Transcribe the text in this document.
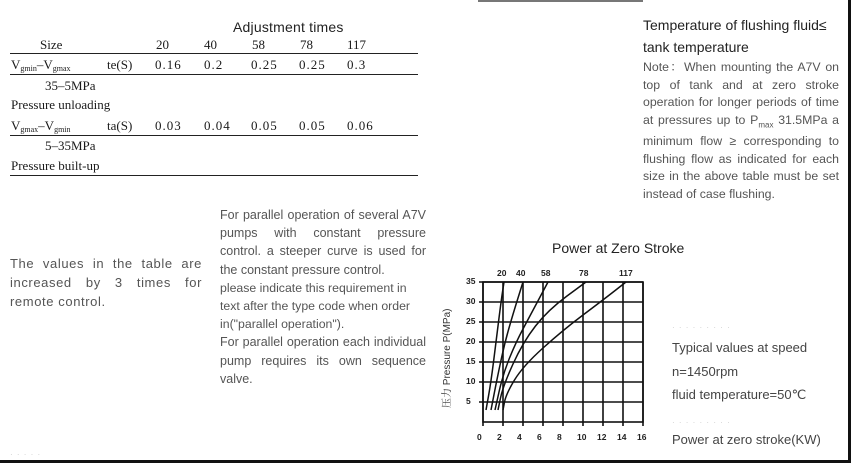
Adjustment times
Size	20	40	58	78	117
$V_{gmin}-V_{gmax}$	te(S) 0.16 0.2 0.25 0.25 0.3
35–5MPa
Pressure unloading
$V_{gmax}-V_{gmin}$	ta(S) 0.03 0.04 0.05 0.05 0.06
5–35MPa
Pressure built-up
The values in the table are increased by 3 times for remote control.
For parallel operation of several A7V pumps with constant pressure control. a steeper curve is used for the constant pressure control.
please indicate this requirement in text after the type code when order in("parallel operation").
For parallel operation each individual pump requires its own sequence valve.
Temperature of flushing fluid≤
tank temperature
Note：When mounting the A7V on top of tank and at zero stroke operation for longer periods of time at pressures up to $P_{max}$ 31.5MPa a minimum flow ≥ corresponding to flushing flow as indicated for each size in the above table must be set instead of case flushing.
Power at Zero Stroke
压力 Pressure P(MPa)
0 2 4 6 8 10 12 14 16
5
10
15
20
25
30
35
20 40 58	78	117
· · · · · · · · ·
Typical values at speed
n=1450rpm
fluid temperature=50℃
· · · · · · · · ·
Power at zero stroke(KW)
· · · · ·
